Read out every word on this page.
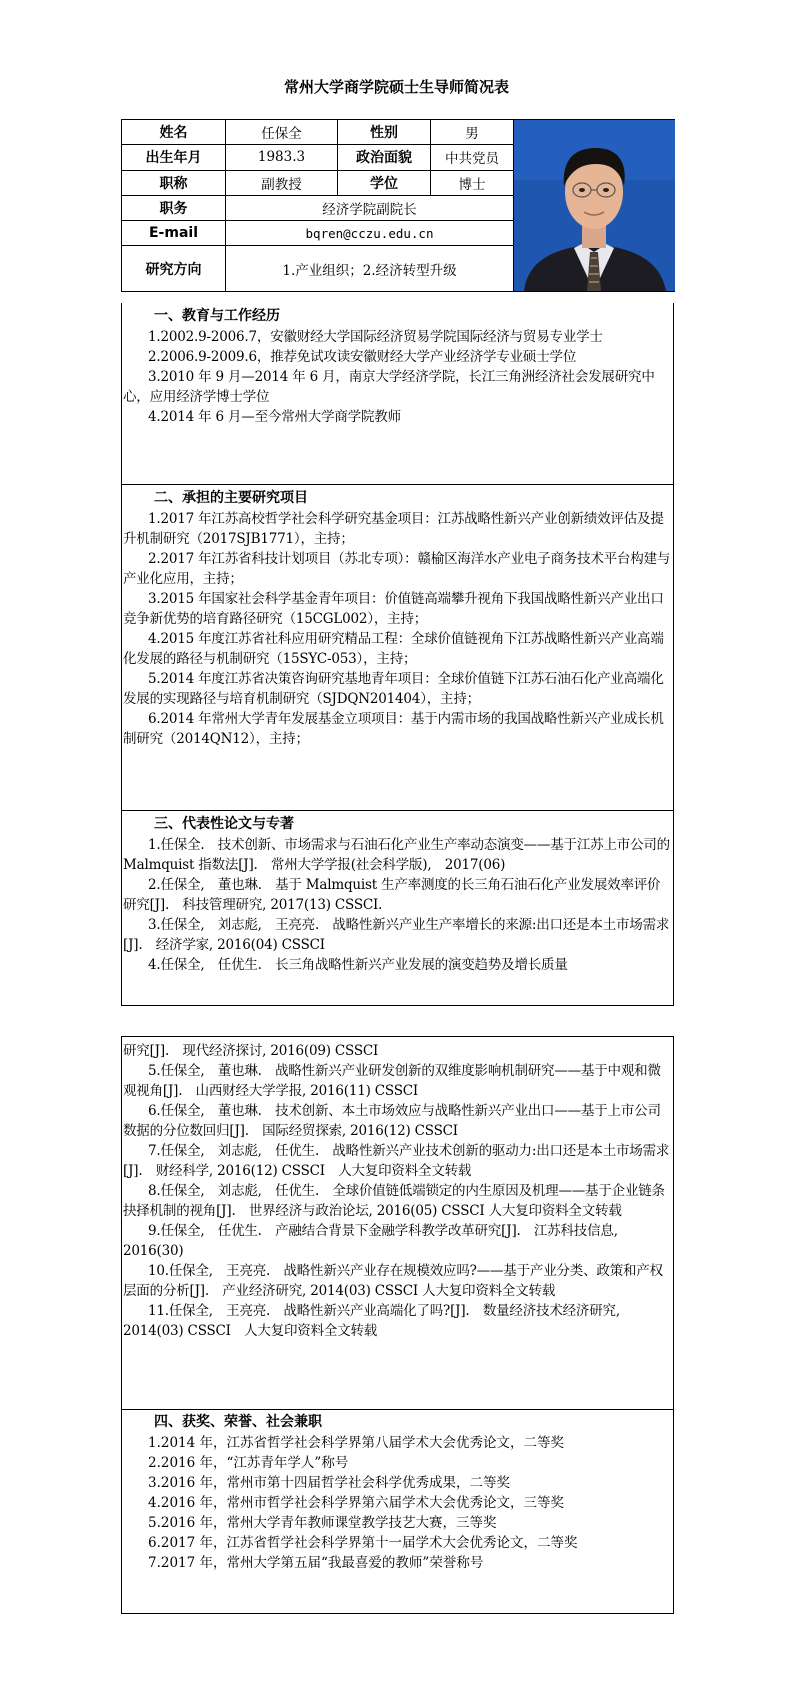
常州大学商学院硕士生导师简况表
姓名	任保全	性别	男	

出生年月	1983.3	政治面貌	中共党员	
职称	副教授	学位	博士	
职务	经济学院副院长			
E-mail	bqren@cczu.edu.cn			
研究方向	1.产业组织；2.经济转型升级			
一、教育与工作经历
1.2002.9-2006.7，安徽财经大学国际经济贸易学院国际经济与贸易专业学士
2.2006.9-2009.6，推荐免试攻读安徽财经大学产业经济学专业硕士学位
3.2010 年 9 月—2014 年 6 月，南京大学经济学院，长江三角洲经济社会发展研究中心，应用经济学博士学位
4.2014 年 6 月—至今常州大学商学院教师
二、承担的主要研究项目
1.2017 年江苏高校哲学社会科学研究基金项目：江苏战略性新兴产业创新绩效评估及提升机制研究（2017SJB1771），主持；
2.2017 年江苏省科技计划项目（苏北专项）：赣榆区海洋水产业电子商务技术平台构建与产业化应用，主持；
3.2015 年国家社会科学基金青年项目：价值链高端攀升视角下我国战略性新兴产业出口竞争新优势的培育路径研究（15CGL002），主持；
4.2015 年度江苏省社科应用研究精品工程：全球价值链视角下江苏战略性新兴产业高端化发展的路径与机制研究（15SYC-053），主持；
5.2014 年度江苏省决策咨询研究基地青年项目：全球价值链下江苏石油石化产业高端化发展的实现路径与培育机制研究（SJDQN201404），主持；
6.2014 年常州大学青年发展基金立项项目：基于内需市场的我国战略性新兴产业成长机制研究（2014QN12），主持；
三、代表性论文与专著
1.任保全.　技术创新、市场需求与石油石化产业生产率动态演变——基于江苏上市公司的 Malmquist 指数法[J].　常州大学学报(社会科学版),　2017(06)
2.任保全,　董也琳.　基于 Malmquist 生产率测度的长三角石油石化产业发展效率评价研究[J].　科技管理研究, 2017(13) CSSCI.
3.任保全,　刘志彪,　王亮亮.　战略性新兴产业生产率增长的来源:出口还是本土市场需求[J].　经济学家, 2016(04) CSSCI
4.任保全,　任优生.　长三角战略性新兴产业发展的演变趋势及增长质量
研究[J].　现代经济探讨, 2016(09) CSSCI
5.任保全,　董也琳.　战略性新兴产业研发创新的双维度影响机制研究——基于中观和微观视角[J].　山西财经大学学报, 2016(11) CSSCI
6.任保全,　董也琳.　技术创新、本土市场效应与战略性新兴产业出口——基于上市公司数据的分位数回归[J].　国际经贸探索, 2016(12) CSSCI
7.任保全,　刘志彪,　任优生.　战略性新兴产业技术创新的驱动力:出口还是本土市场需求[J].　财经科学, 2016(12) CSSCI　人大复印资料全文转载
8.任保全,　刘志彪,　任优生.　全球价值链低端锁定的内生原因及机理——基于企业链条抉择机制的视角[J].　世界经济与政治论坛, 2016(05) CSSCI 人大复印资料全文转载
9.任保全,　任优生.　产融结合背景下金融学科教学改革研究[J].　江苏科技信息, 2016(30)
10.任保全,　王亮亮.　战略性新兴产业存在规模效应吗?——基于产业分类、政策和产权层面的分析[J].　产业经济研究, 2014(03) CSSCI 人大复印资料全文转载
11.任保全,　王亮亮.　战略性新兴产业高端化了吗?[J].　数量经济技术经济研究, 2014(03) CSSCI　人大复印资料全文转载
四、获奖、荣誉、社会兼职
1.2014 年，江苏省哲学社会科学界第八届学术大会优秀论文，二等奖
2.2016 年，“江苏青年学人”称号
3.2016 年，常州市第十四届哲学社会科学优秀成果，二等奖
4.2016 年，常州市哲学社会科学界第六届学术大会优秀论文，三等奖
5.2016 年，常州大学青年教师课堂教学技艺大赛，三等奖
6.2017 年，江苏省哲学社会科学界第十一届学术大会优秀论文，二等奖
7.2017 年，常州大学第五届“我最喜爱的教师”荣誉称号
